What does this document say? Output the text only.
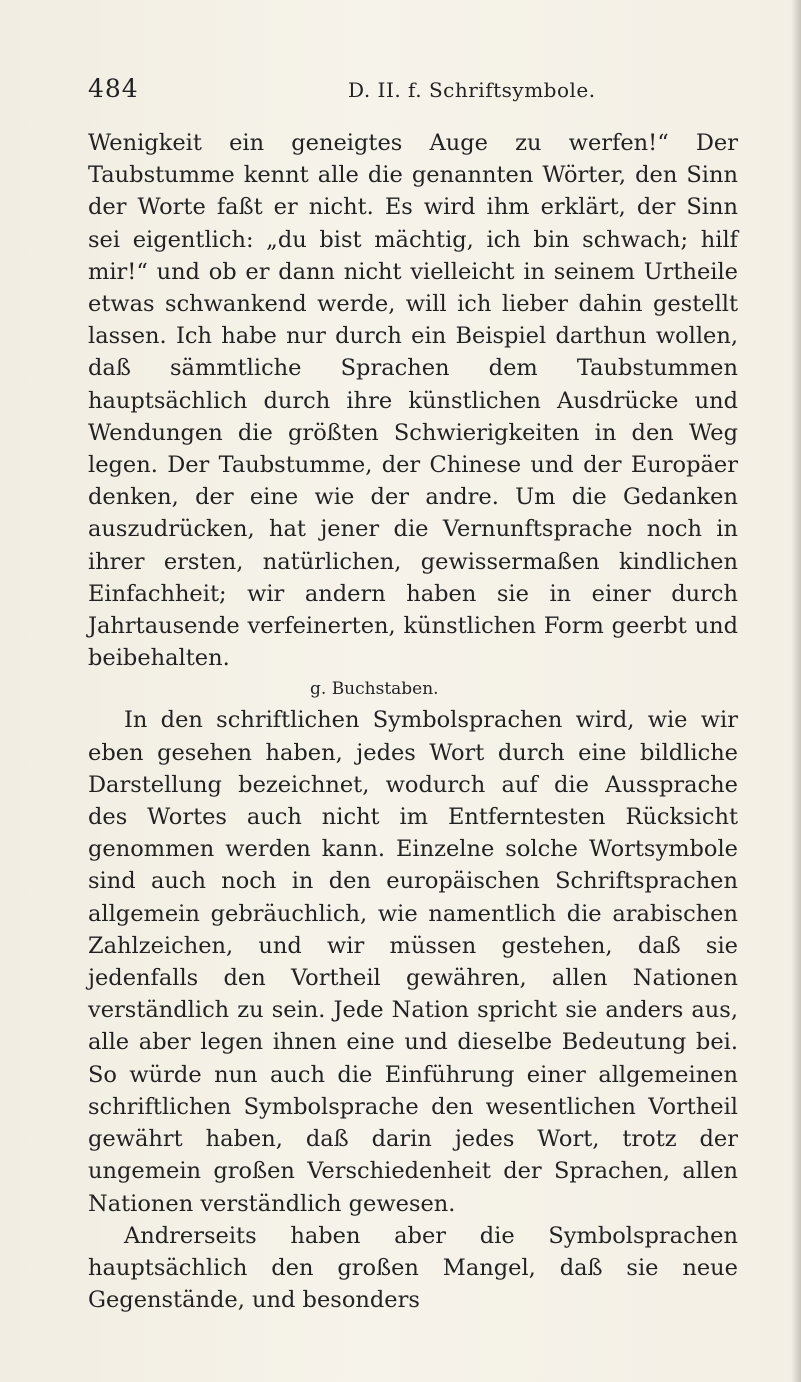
484	D. II. f. Schriftsymbole.

Wenigkeit ein geneigtes Auge zu werfen!“ Der Taubstumme kennt alle die genannten Wörter, den Sinn der Worte faßt er nicht. Es wird ihm erklärt, der Sinn sei eigentlich: „du bist mächtig, ich bin schwach; hilf mir!“ und ob er dann nicht vielleicht in seinem Urtheile etwas schwankend werde, will ich lieber dahin gestellt lassen. Ich habe nur durch ein Beispiel darthun wollen, daß sämmtliche Sprachen dem Taubstummen hauptsächlich durch ihre künstlichen Ausdrücke und Wendungen die größten Schwierigkeiten in den Weg legen. Der Taubstumme, der Chinese und der Europäer denken, der eine wie der andre. Um die Gedanken auszudrücken, hat jener die Vernunftsprache noch in ihrer ersten, natürlichen, gewissermaßen kindlichen Einfachheit; wir andern haben sie in einer durch Jahrtausende verfeinerten, künstlichen Form geerbt und beibehalten.

g. Buchstaben.

In den schriftlichen Symbolsprachen wird, wie wir eben gesehen haben, jedes Wort durch eine bildliche Darstellung bezeichnet, wodurch auf die Aussprache des Wortes auch nicht im Entferntesten Rücksicht genommen werden kann. Einzelne solche Wortsymbole sind auch noch in den europäischen Schriftsprachen allgemein gebräuchlich, wie namentlich die arabischen Zahlzeichen, und wir müssen gestehen, daß sie jedenfalls den Vortheil gewähren, allen Nationen verständlich zu sein. Jede Nation spricht sie anders aus, alle aber legen ihnen eine und dieselbe Bedeutung bei. So würde nun auch die Einführung einer allgemeinen schriftlichen Symbolsprache den wesentlichen Vortheil gewährt haben, daß darin jedes Wort, trotz der ungemein großen Verschiedenheit der Sprachen, allen Nationen verständlich gewesen.

Andrerseits haben aber die Symbolsprachen hauptsächlich den großen Mangel, daß sie neue Gegenstände, und besonders
